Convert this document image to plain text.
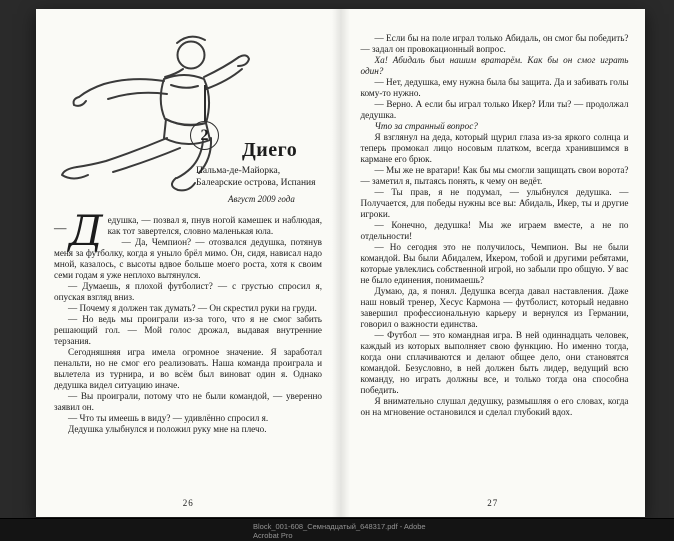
2
Диего
Пальма-де-Майорка,
Балеарские острова, Испания
Август 2009 года

—Д едушка, — позвал я, пнув ногой камешек и наблюдая, как тот завертелся, словно маленькая юла.

— Да, Чемпион? — отозвался дедушка, потянув меня за футболку, когда я уныло брёл мимо. Он, сидя, нависал надо мной, казалось, с высоты вдвое больше моего роста, хотя к своим семи годам я уже неплохо вытянулся.

— Думаешь, я плохой футболист? — с грустью спросил я, опуская взгляд вниз.

— Почему я должен так думать? — Он скрестил руки на груди.

— Но ведь мы проиграли из-за того, что я не смог забить решающий гол. — Мой голос дрожал, выдавая внутренние терзания.

Сегодняшняя игра имела огромное значение. Я заработал пенальти, но не смог его реализовать. Наша команда проиграла и вылетела из турнира, и во всём был виноват один я. Однако дедушка видел ситуацию иначе.

— Вы проиграли, потому что не были командой, — уверенно заявил он.

— Что ты имеешь в виду? — удивлённо спросил я.

Дедушка улыбнулся и положил руку мне на плечо.

26

— Если бы на поле играл только Абидаль, он смог бы победить? — задал он провокационный вопрос.

Ха! Абидаль был нашим вратарём. Как бы он смог играть один?

— Нет, дедушка, ему нужна была бы защита. Да и забивать голы кому-то нужно.

— Верно. А если бы играл только Икер? Или ты? — продолжал дедушка.

Что за странный вопрос?

Я взглянул на деда, который щурил глаза из-за яркого солнца и теперь промокал лицо носовым платком, всегда хранившимся в кармане его брюк.

— Мы же не вратари! Как бы мы смогли защищать свои ворота? — заметил я, пытаясь понять, к чему он ведёт.

— Ты прав, я не подумал, — улыбнулся дедушка. — Получается, для победы нужны все вы: Абидаль, Икер, ты и другие игроки.

— Конечно, дедушка! Мы же играем вместе, а не по отдельности!

— Но сегодня это не получилось, Чемпион. Вы не были командой. Вы были Абидалем, Икером, тобой и другими ребятами, которые увлеклись собственной игрой, но забыли про общую. У вас не было единения, понимаешь?

Думаю, да, я понял. Дедушка всегда давал наставления. Даже наш новый тренер, Хесус Кармона — футболист, который недавно завершил профессиональную карьеру и вернулся из Германии, говорил о важности единства.

— Футбол — это командная игра. В ней одиннадцать человек, каждый из которых выполняет свою функцию. Но именно тогда, когда они сплачиваются и делают общее дело, они становятся командой. Безусловно, в ней должен быть лидер, ведущий всю команду, но играть должны все, и только тогда она способна победить.

Я внимательно слушал дедушку, размышляя о его словах, когда он на мгновение остановился и сделал глубокий вдох.

27
Block_001-608_Семнадцатый_648317.pdf - Adobe Acrobat Pro
